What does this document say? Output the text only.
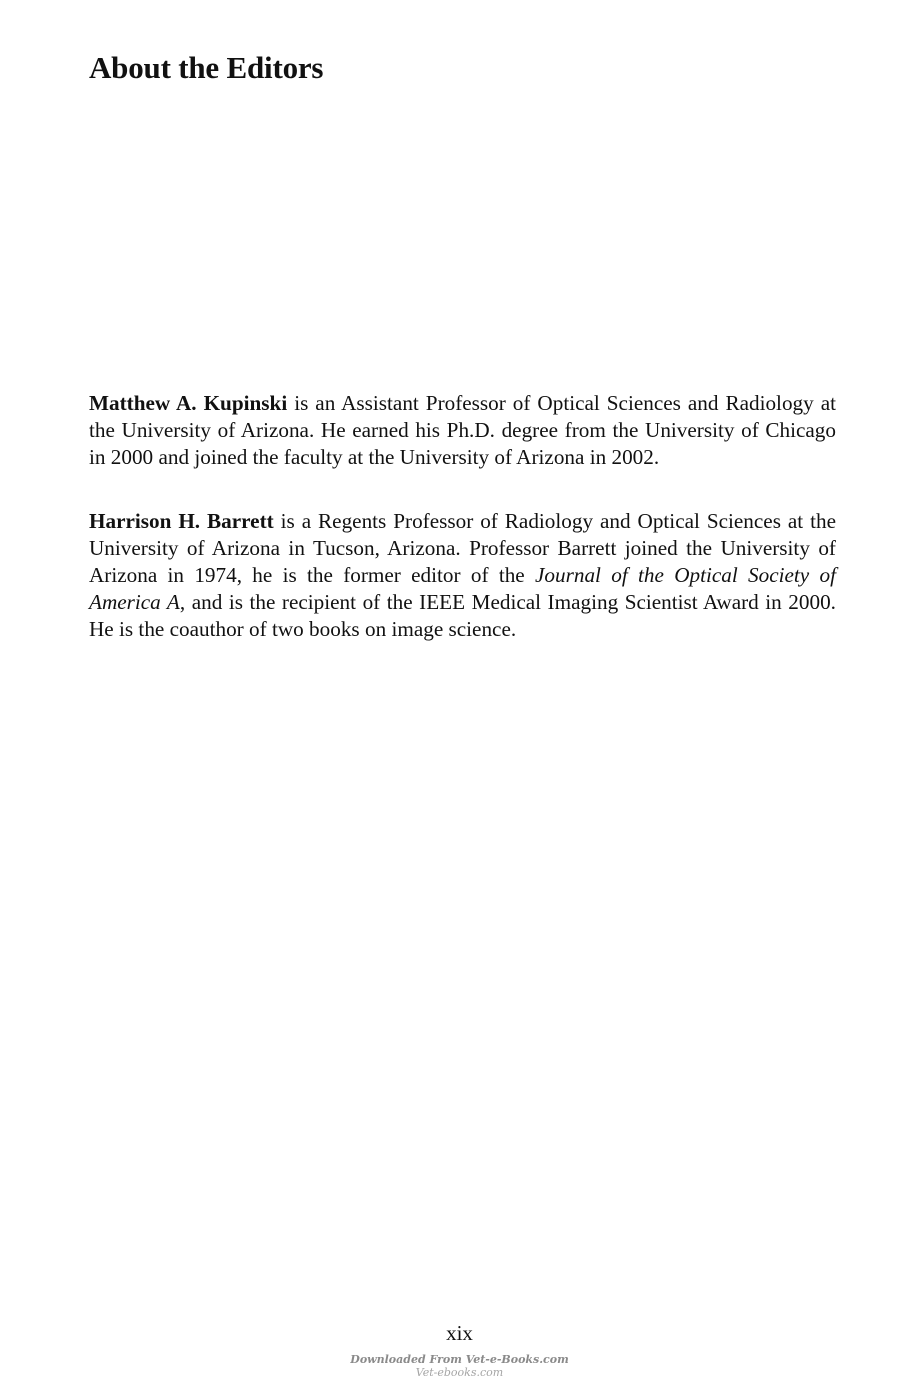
About the Editors

Matthew A. Kupinski is an Assistant Professor of Optical Sciences and Radiology at the University of Arizona. He earned his Ph.D. degree from the University of Chicago in 2000 and joined the faculty at the University of Arizona in 2002.

Harrison H. Barrett is a Regents Professor of Radiology and Optical Sciences at the University of Arizona in Tucson, Arizona. Professor Barrett joined the University of Arizona in 1974, he is the former editor of the Journal of the Optical Society of America A, and is the recipient of the IEEE Medical Imaging Scientist Award in 2000. He is the coauthor of two books on image science.

xix
Downloaded From Vet-e-Books.com
Vet-ebooks.com
